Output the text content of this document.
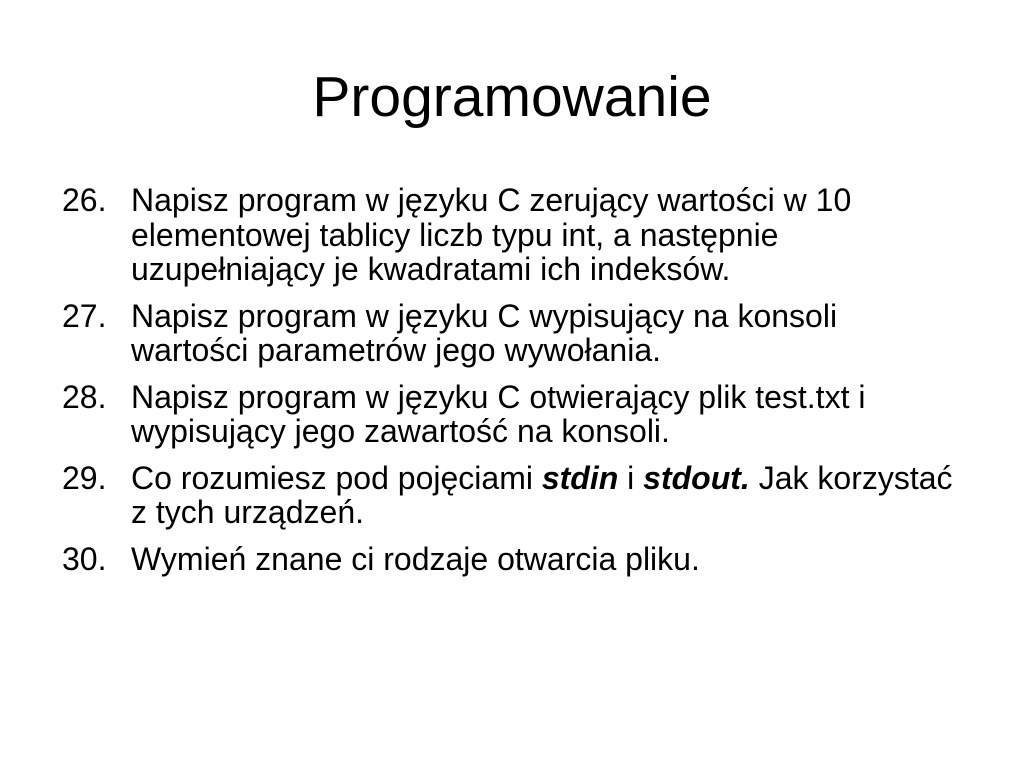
Programowanie
26. Napisz program w języku C zerujący wartości w 10 elementowej tablicy liczb typu int, a następnie uzupełniający je kwadratami ich indeksów.
27. Napisz program w języku C wypisujący na konsoli wartości parametrów jego wywołania.
28. Napisz program w języku C otwierający plik test.txt i wypisujący jego zawartość na konsoli.
29. Co rozumiesz pod pojęciami stdin i stdout. Jak korzystać z tych urządzeń.
30. Wymień znane ci rodzaje otwarcia pliku.
